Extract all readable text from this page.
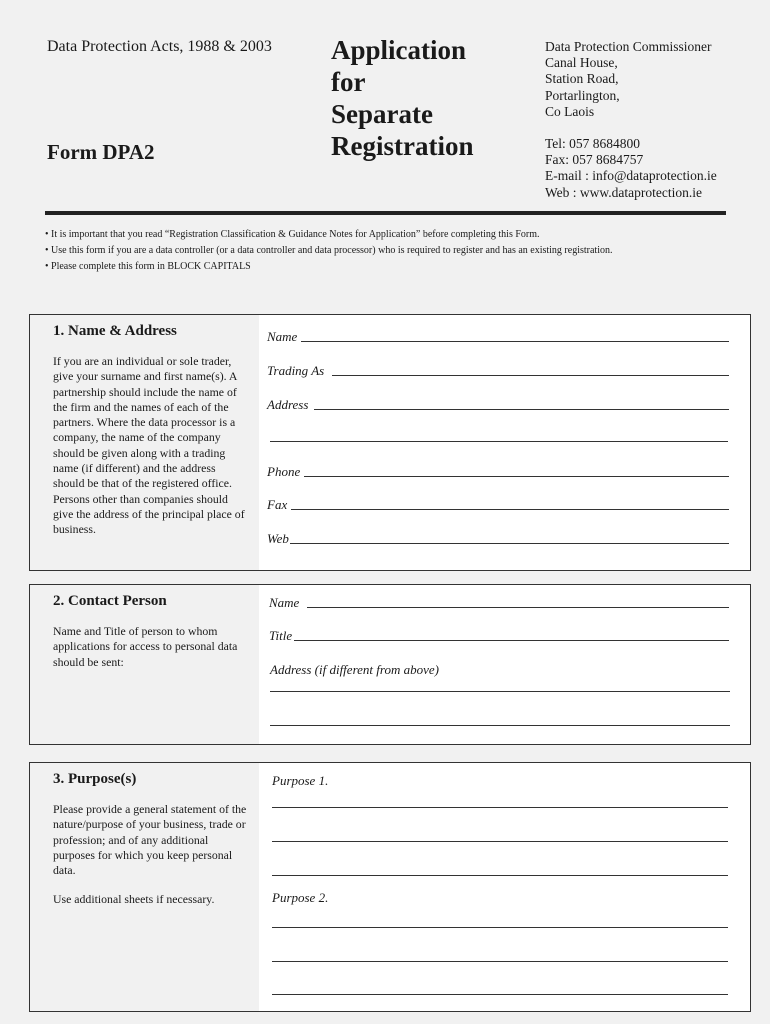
Data Protection Acts, 1988 & 2003
Form DPA2
Application
for
Separate
Registration
Data Protection Commissioner
Canal House,
Station Road,
Portarlington,
Co Laois
Tel: 057 8684800
Fax: 057 8684757
E-mail : info@dataprotection.ie
Web : www.dataprotection.ie
• It is important that you read “Registration Classification & Guidance Notes for Application” before completing this Form.
• Use this form if you are a data controller (or a data controller and data processor) who is required to register and has an existing registration.
• Please complete this form in BLOCK CAPITALS
1. Name & Address

If you are an individual or sole trader, give your surname and first name(s). A partnership should include the name of the firm and the names of each of the partners. Where the data processor is a company, the name of the company should be given along with a trading name (if different) and the address should be that of the registered office. Persons other than companies should give the address of the principal place of business.

Name
Trading As
Address
Phone
Fax
Web
2. Contact Person

Name and Title of person to whom applications for access to personal data should be sent:

Name
Title
Address (if different from above)
3. Purpose(s)

Please provide a general statement of the nature/purpose of your business, trade or profession; and of any additional purposes for which you keep personal data.

Use additional sheets if necessary.

Purpose 1.
Purpose 2.
